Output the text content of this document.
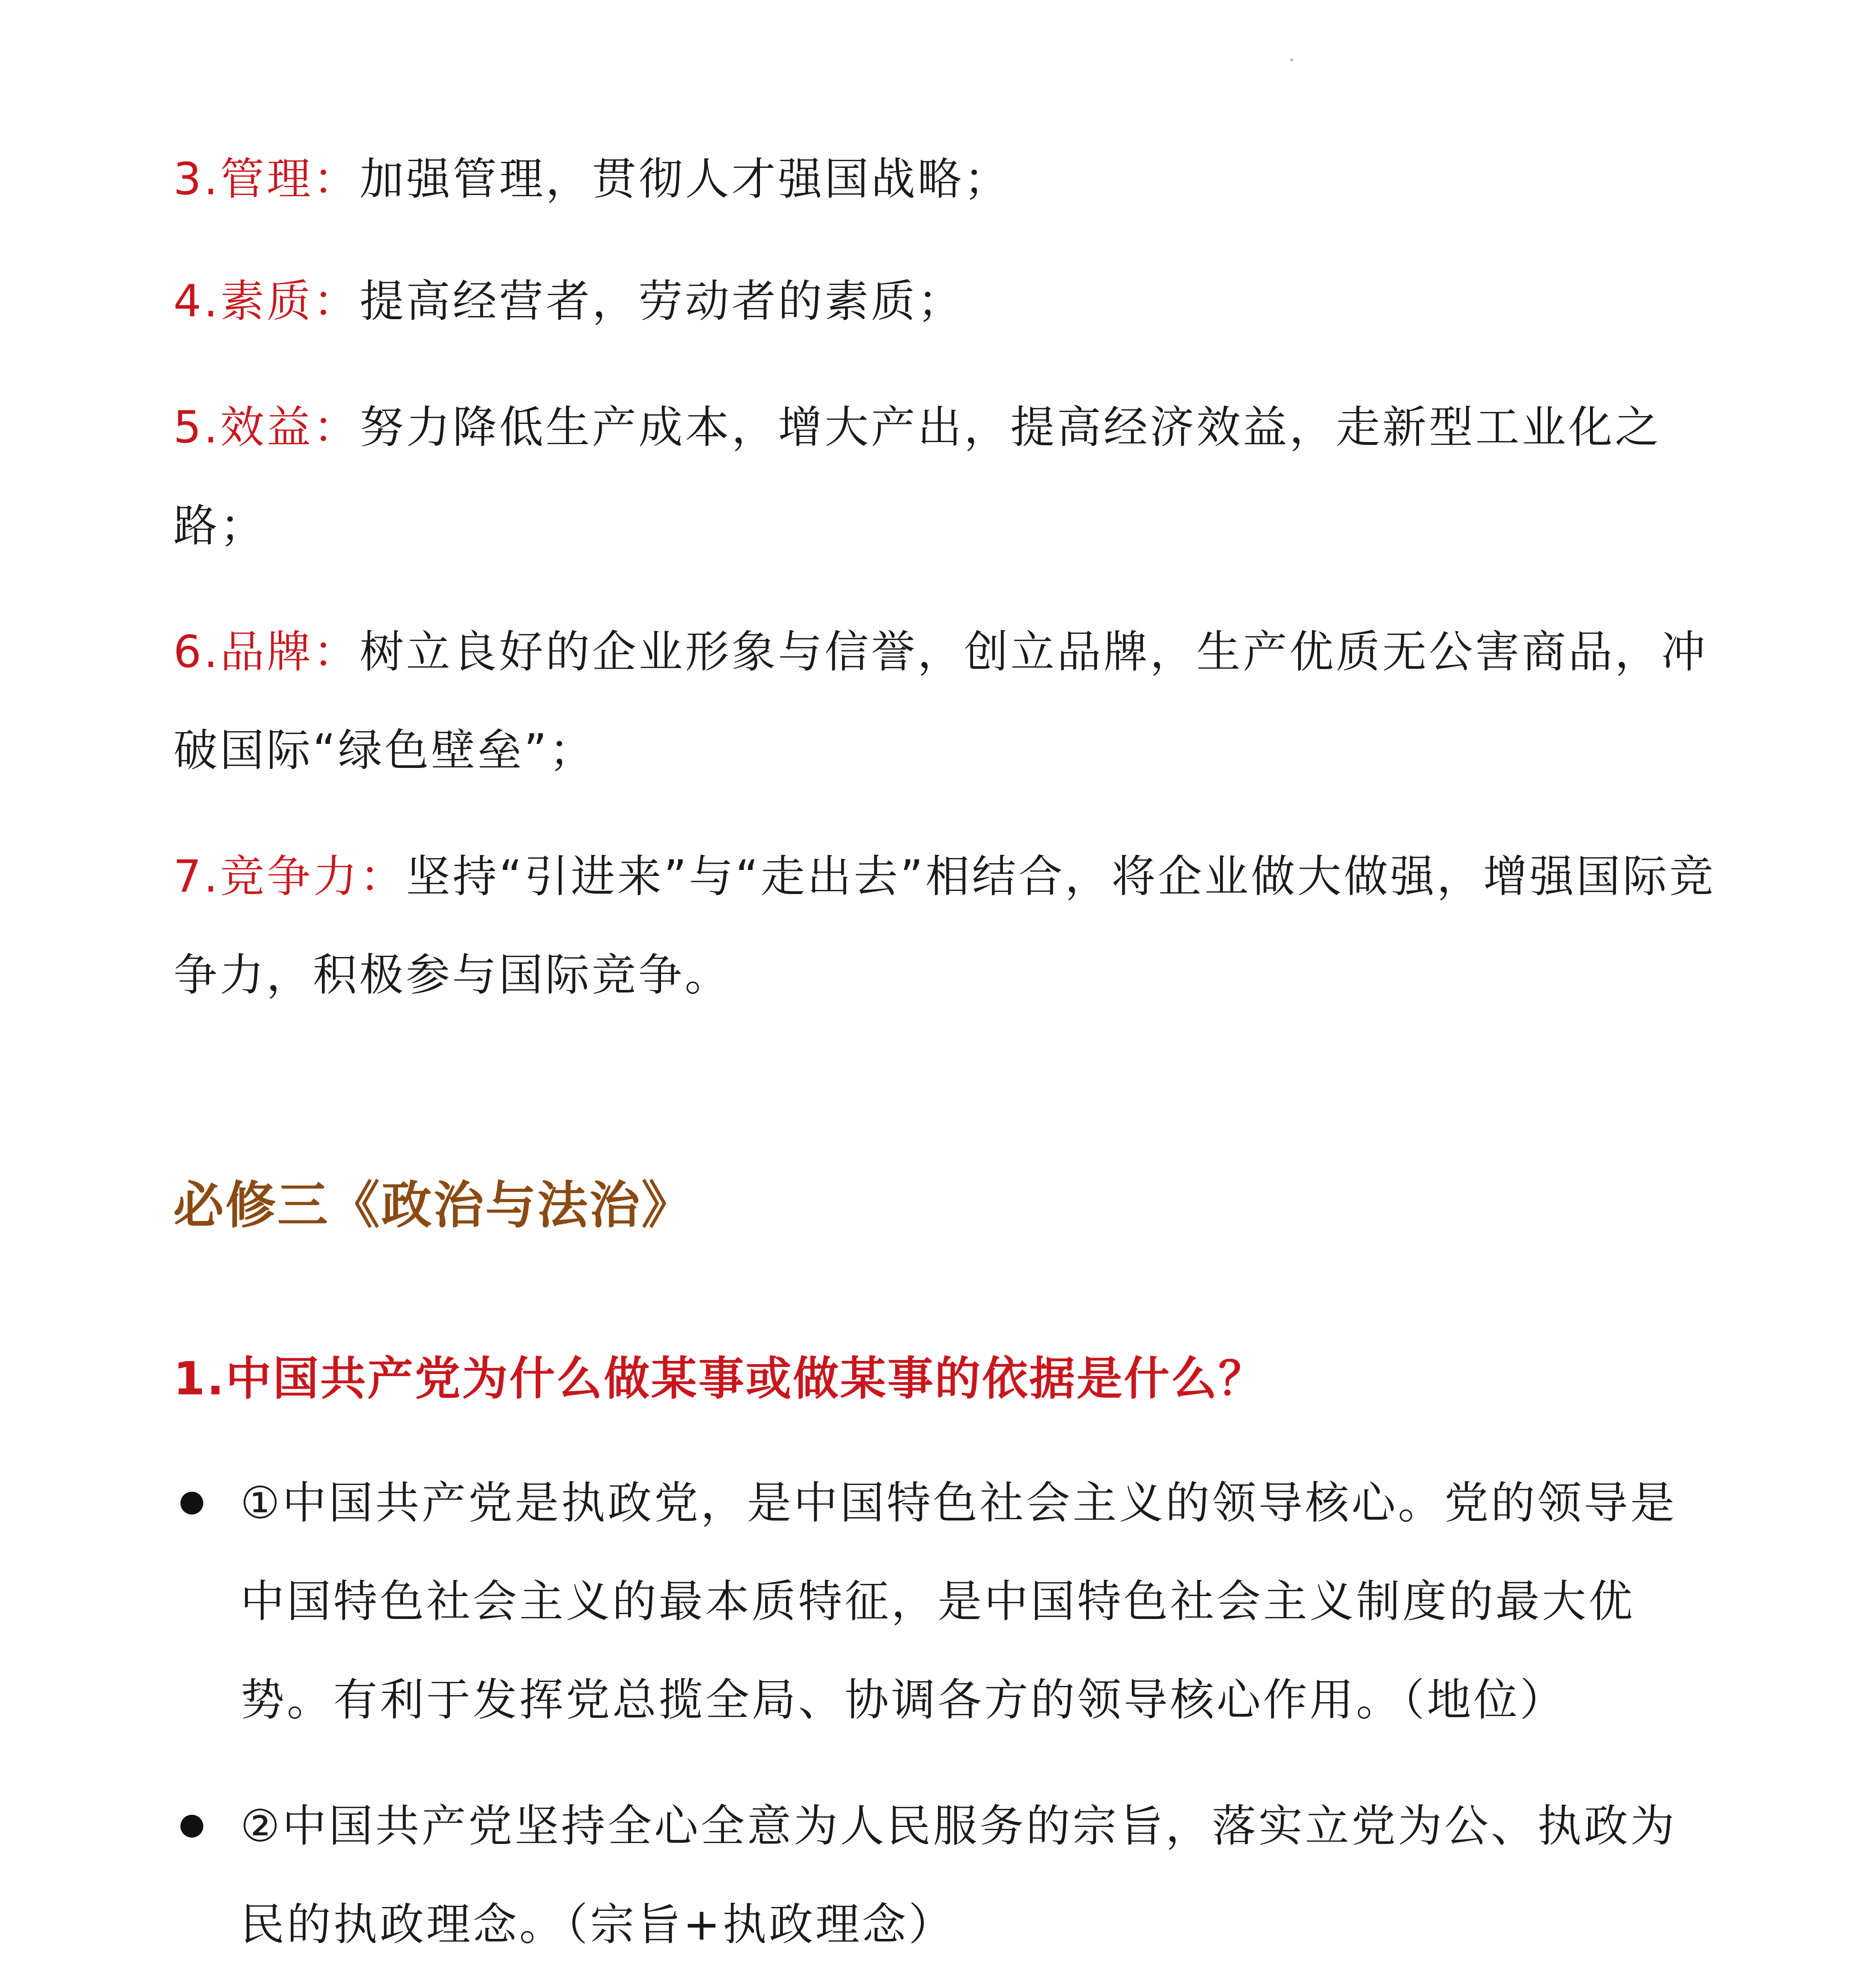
3.管理：加强管理，贯彻人才强国战略；

4.素质：提高经营者，劳动者的素质；

5.效益：努力降低生产成本，增大产出，提高经济效益，走新型工业化之路；

6.品牌：树立良好的企业形象与信誉，创立品牌，生产优质无公害商品，冲破国际“绿色壁垒”；

7.竞争力：坚持“引进来”与“走出去”相结合，将企业做大做强，增强国际竞争力，积极参与国际竞争。

必修三《政治与法治》
1.中国共产党为什么做某事或做某事的依据是什么？
①中国共产党是执政党，是中国特色社会主义的领导核心。党的领导是中国特色社会主义的最本质特征，是中国特色社会主义制度的最大优势。有利于发挥党总揽全局、协调各方的领导核心作用。（地位）
②中国共产党坚持全心全意为人民服务的宗旨，落实立党为公、执政为民的执政理念。（宗旨+执政理念）
